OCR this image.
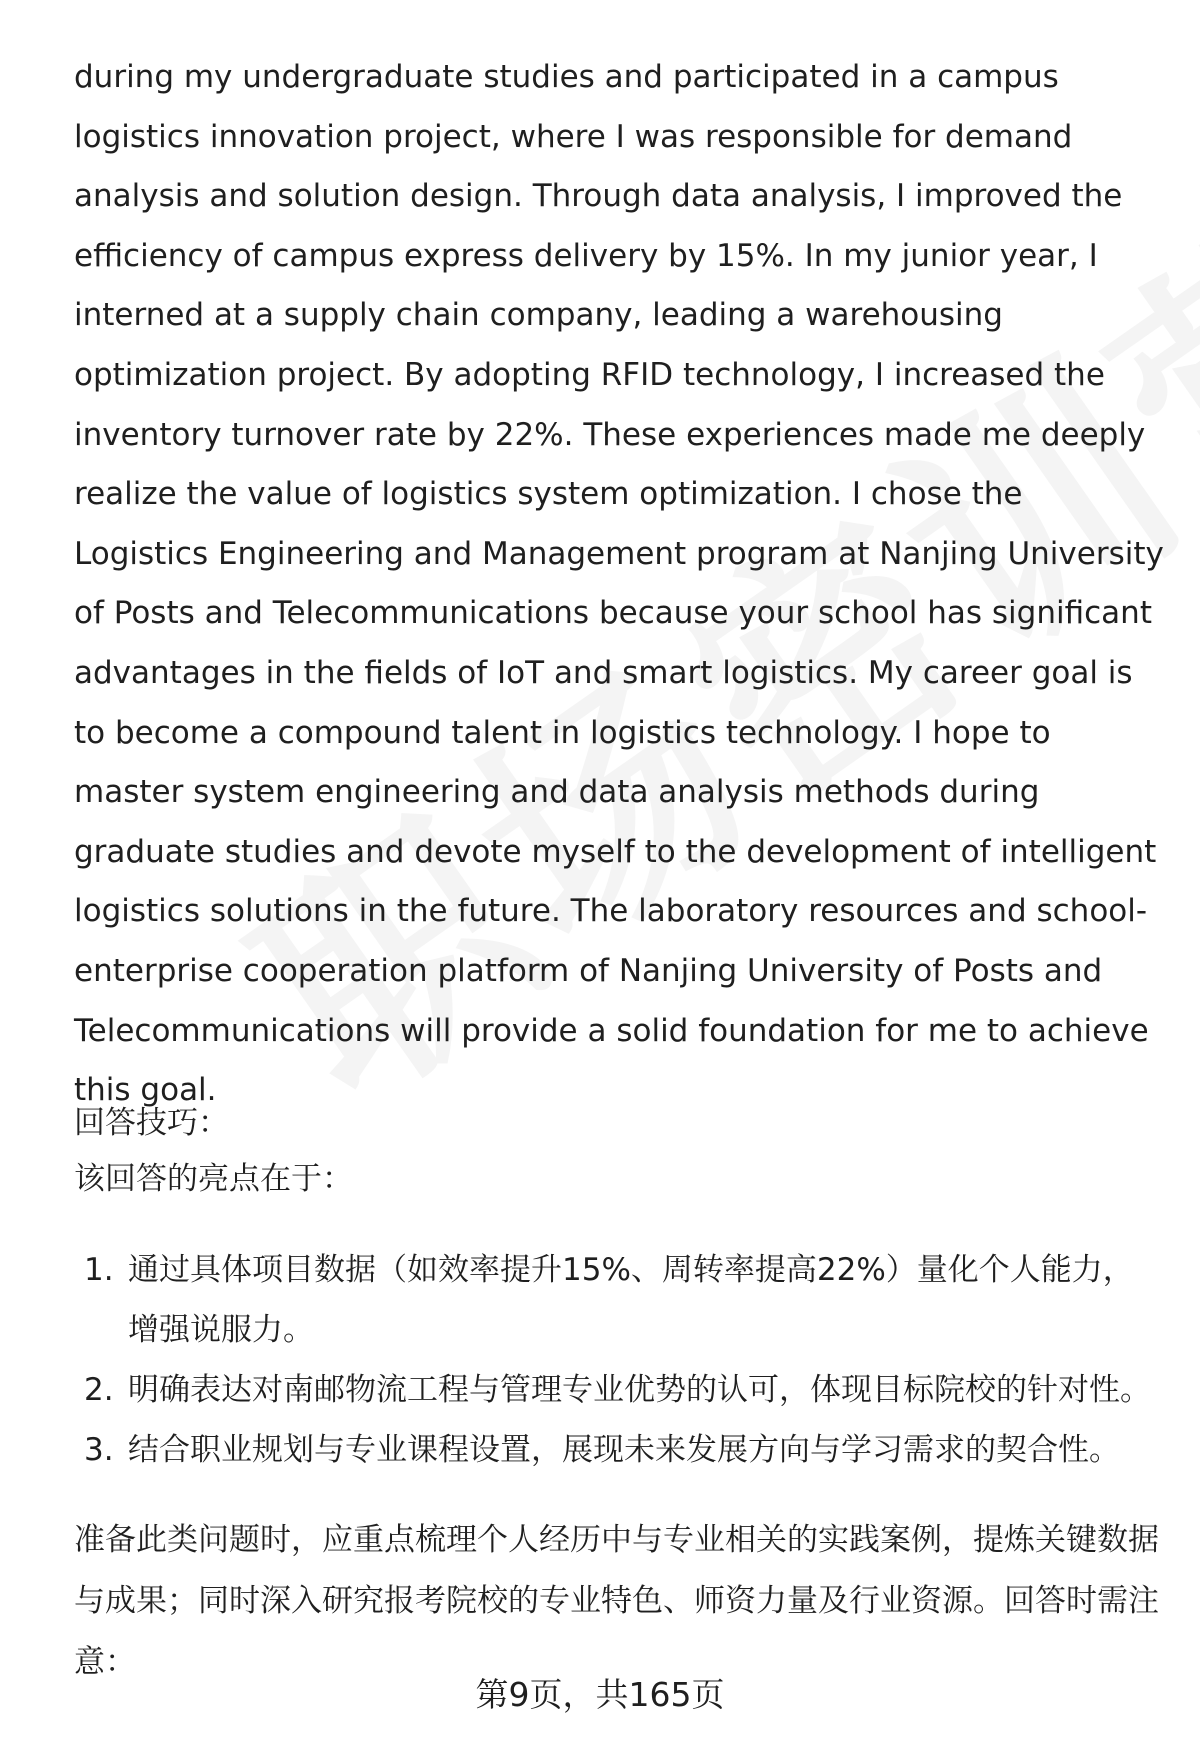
during my undergraduate studies and participated in a campus logistics innovation project, where I was responsible for demand analysis and solution design. Through data analysis, I improved the efficiency of campus express delivery by 15%. In my junior year, I interned at a supply chain company, leading a warehousing optimization project. By adopting RFID technology, I increased the inventory turnover rate by 22%. These experiences made me deeply realize the value of logistics system optimization. I chose the Logistics Engineering and Management program at Nanjing University of Posts and Telecommunications because your school has significant advantages in the fields of IoT and smart logistics. My career goal is to become a compound talent in logistics technology. I hope to master system engineering and data analysis methods during graduate studies and devote myself to the development of intelligent logistics solutions in the future. The laboratory resources and school-enterprise cooperation platform of Nanjing University of Posts and Telecommunications will provide a solid foundation for me to achieve this goal.

回答技巧：

该回答的亮点在于：

1. 通过具体项目数据（如效率提升15%、周转率提高22%）量化个人能力，增强说服力。
2. 明确表达对南邮物流工程与管理专业优势的认可，体现目标院校的针对性。
3. 结合职业规划与专业课程设置，展现未来发展方向与学习需求的契合性。

准备此类问题时，应重点梳理个人经历中与专业相关的实践案例，提炼关键数据与成果；同时深入研究报考院校的专业特色、师资力量及行业资源。回答时需注意：

第9页，共165页
